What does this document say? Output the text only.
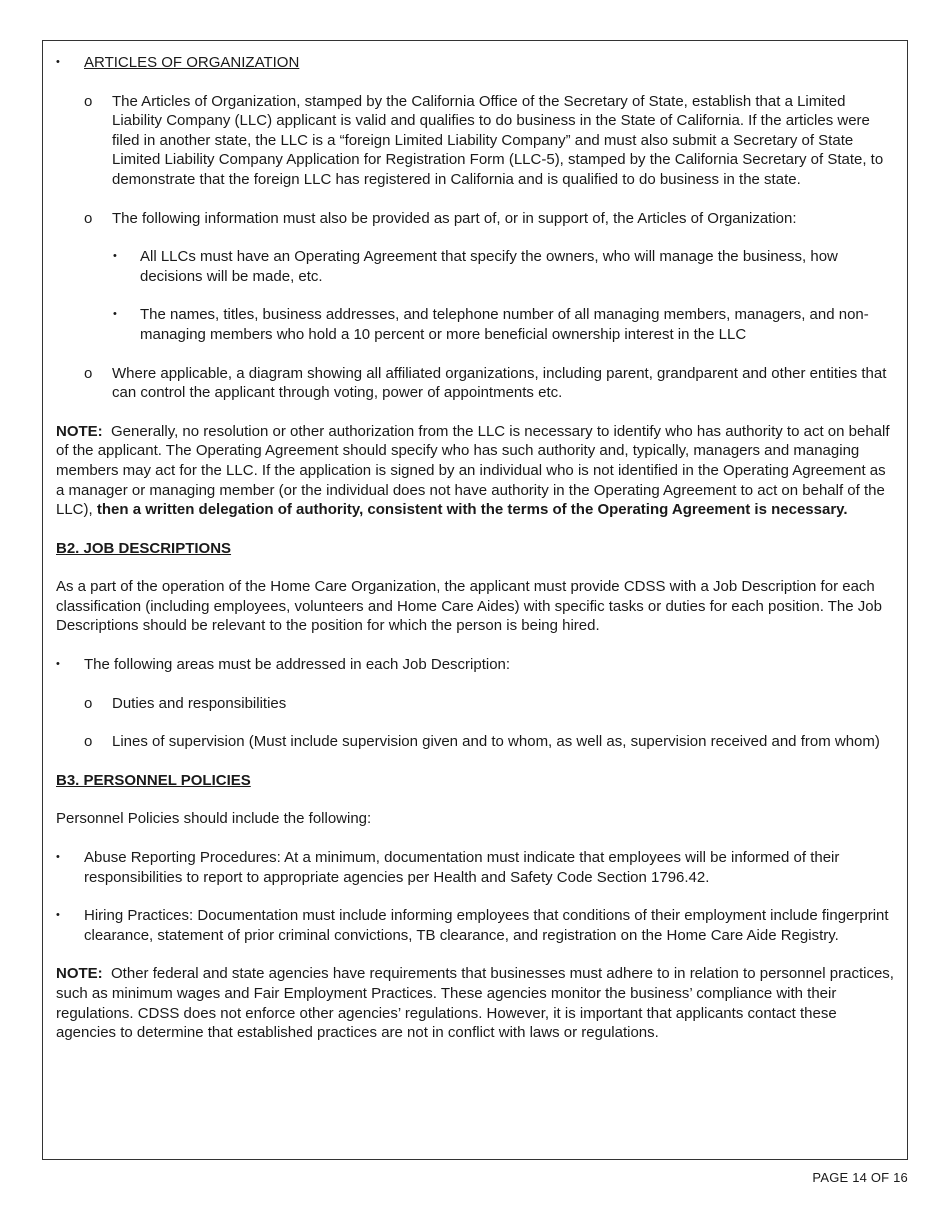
• ARTICLES OF ORGANIZATION

o The Articles of Organization, stamped by the California Office of the Secretary of State, establish that a Limited Liability Company (LLC) applicant is valid and qualifies to do business in the State of California. If the articles were filed in another state, the LLC is a “foreign Limited Liability Company” and must also submit a Secretary of State Limited Liability Company Application for Registration Form (LLC-5), stamped by the California Secretary of State, to demonstrate that the foreign LLC has registered in California and is qualified to do business in the state.

o The following information must also be provided as part of, or in support of, the Articles of Organization:

• All LLCs must have an Operating Agreement that specify the owners, who will manage the business, how decisions will be made, etc.

• The names, titles, business addresses, and telephone number of all managing members, managers, and non-managing members who hold a 10 percent or more beneficial ownership interest in the LLC

o Where applicable, a diagram showing all affiliated organizations, including parent, grandparent and other entities that can control the applicant through voting, power of appointments etc.

NOTE: Generally, no resolution or other authorization from the LLC is necessary to identify who has authority to act on behalf of the applicant. The Operating Agreement should specify who has such authority and, typically, managers and managing members may act for the LLC. If the application is signed by an individual who is not identified in the Operating Agreement as a manager or managing member (or the individual does not have authority in the Operating Agreement to act on behalf of the LLC), then a written delegation of authority, consistent with the terms of the Operating Agreement is necessary.

B2. JOB DESCRIPTIONS

As a part of the operation of the Home Care Organization, the applicant must provide CDSS with a Job Description for each classification (including employees, volunteers and Home Care Aides) with specific tasks or duties for each position. The Job Descriptions should be relevant to the position for which the person is being hired.

• The following areas must be addressed in each Job Description:

o Duties and responsibilities

o Lines of supervision (Must include supervision given and to whom, as well as, supervision received and from whom)

B3. PERSONNEL POLICIES

Personnel Policies should include the following:

• Abuse Reporting Procedures: At a minimum, documentation must indicate that employees will be informed of their responsibilities to report to appropriate agencies per Health and Safety Code Section 1796.42.

• Hiring Practices: Documentation must include informing employees that conditions of their employment include fingerprint clearance, statement of prior criminal convictions, TB clearance, and registration on the Home Care Aide Registry.

NOTE: Other federal and state agencies have requirements that businesses must adhere to in relation to personnel practices, such as minimum wages and Fair Employment Practices. These agencies monitor the business’ compliance with their regulations. CDSS does not enforce other agencies’ regulations. However, it is important that applicants contact these agencies to determine that established practices are not in conflict with laws or regulations.

PAGE 14 OF 16
